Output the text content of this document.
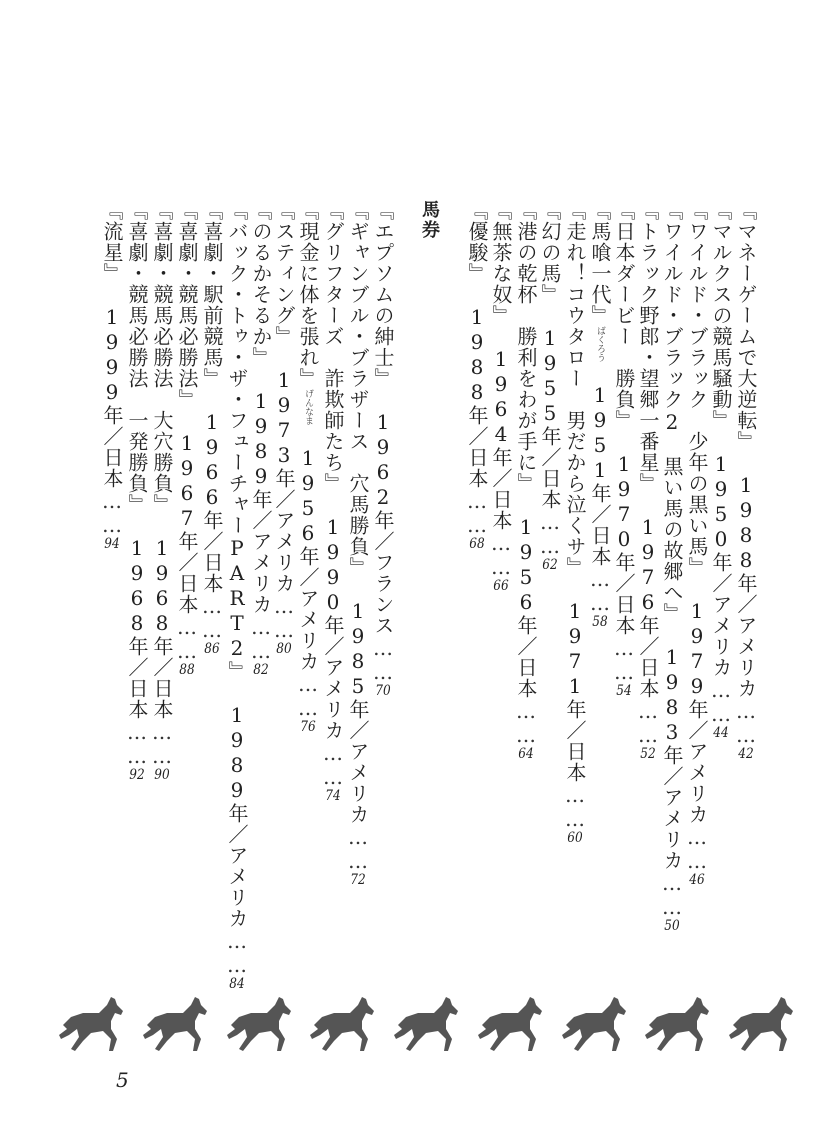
『マネーゲームで大逆転』　1988年／アメリカ……42
『マルクスの競馬騒動』　1950年／アメリカ……44
『ワイルド・ブラック　少年の黒い馬』　1979年／アメリカ……46
『ワイルド・ブラック2　黒い馬の故郷へ』　1983年／アメリカ……50
『トラック野郎・望郷一番星』　1976年／日本……52
『日本ダービー　勝負』　1970年／日本……54
『馬喰一代』ばくろう　1951年／日本……58
『走れ！コウタロー　男だから泣くサ』　1971年／日本……60
『幻の馬』　1955年／日本……62
『港の乾杯　勝利をわが手に』　1956年／日本……64
『無茶な奴』　1964年／日本……66
『優駿』　1988年／日本……68
『エプソムの紳士』　1962年／フランス……70
『ギャンブル・ブラザース　穴馬勝負』　1985年／アメリカ……72
『グリフターズ　詐欺師たち』　1990年／アメリカ……74
『現金に体を張れ』げんなま　1956年／アメリカ……76
『スティング』　1973年／アメリカ……80
『のるかそるか』　1989年／アメリカ……82
『バック・トゥ・ザ・フューチャーPART2』　1989年／アメリカ……84
『喜劇・駅前競馬』　1966年／日本……86
『喜劇・競馬必勝法』　1967年／日本……88
『喜劇・競馬必勝法　大穴勝負』　1968年／日本……90
『喜劇・競馬必勝法　一発勝負』　1968年／日本……92
『流星』　1999年／日本……94
馬券
5
